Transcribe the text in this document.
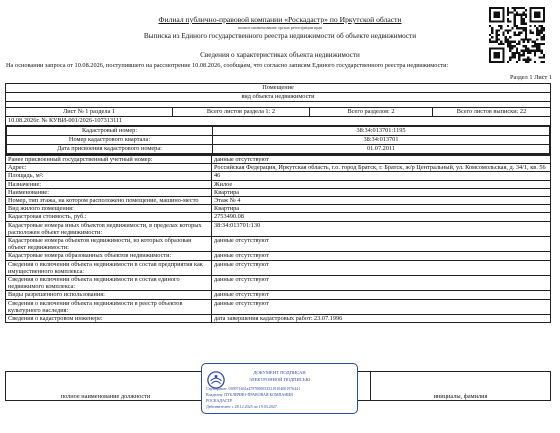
Филиал публично-правовой компании «Роскадастр» по Иркутской области
полное наименование органа регистрации прав
Выписка из Единого государственного реестра недвижимости об объекте недвижимости
Сведения о характеристиках объекта недвижимости
На основании запроса от 10.08.2026, поступившего на рассмотрение 10.08.2026, сообщаем, что согласно записям Единого государственного реестра недвижимости:
Раздел 1 Лист 1
Помещение
вид объекта недвижимости

Лист № 1 раздела 1	Всего листов раздела 1: 2	Всего разделов: 2	Всего листов выписки: 22
10.08.2026г. № КУВИ-001/2026-107313111

Кадастровый номер:	38:34:013701:1195
Номер кадастрового квартала:	38:34:013701
Дата присвоения кадастрового номера:	01.07.2011
Ранее присвоенный государственный учетный номер:	данные отсутствуют
Адрес:	Российская Федерация, Иркутская область, г.о. город Братск, г. Братск, ж/р Центральный, ул. Комсомольская, д. 34/1, кв. 56
Площадь, м²:	46
Назначение:	Жилое
Наименование:	Квартира
Номер, тип этажа, на котором расположено помещение, машино-место	Этаж № 4
Вид жилого помещения:	Квартира
Кадастровая стоимость, руб.:	2753490.08
Кадастровые номера иных объектов недвижимости, в пределах которых расположен объект недвижимости:	38:34:013701:130
Кадастровые номера объектов недвижимости, из которых образован объект недвижимости:	данные отсутствуют
Кадастровые номера образованных объектов недвижимости:	данные отсутствуют
Сведения о включении объекта недвижимости в состав предприятия как имущественного комплекса:	данные отсутствуют
Сведения о включении объекта недвижимости в состав единого недвижимого комплекса:	данные отсутствуют
Виды разрешенного использования:	данные отсутствуют
Сведения о включении объекта недвижимости в реестр объектов культурного наследия:	данные отсутствуют
Сведения о кадастровом инженере:	дата завершения кадастровых работ: 23.07.1996
полное наименование должности		инициалы, фамилия
ДОКУМЕНТ ПОДПИСАН
ЭЛЕКТРОННОЙ ПОДПИСЬЮ
Сертификат: 039971461a47970000335219104001976441
Владелец: ПУБЛИЧНО-ПРАВОВАЯ КОМПАНИЯ
РОСКАДАСТР
Действителен: с 28.12.2025 по 19.03.2027
